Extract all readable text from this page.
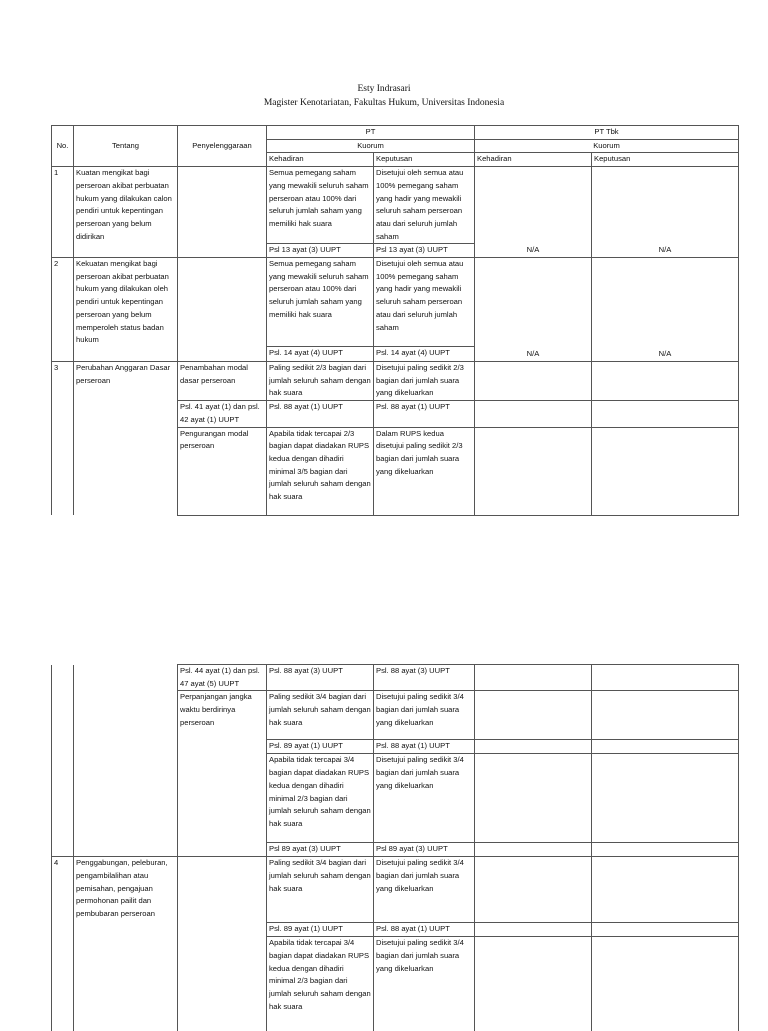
Esty Indrasari
Magister Kenotariatan, Fakultas Hukum, Universitas Indonesia
No.	Tentang	Penyelenggaraan	PT		PT Tbk	
			Kuorum		Kuorum	
			Kehadiran	Keputusan	Kehadiran	Keputusan
1	Kuatan mengikat bagi perseroan akibat perbuatan hukum yang dilakukan calon pendiri untuk kepentingan perseroan yang belum didirikan		Semua pemegang saham yang mewakili seluruh saham perseroan atau 100% dari seluruh jumlah saham yang memiliki hak suara	Disetujui oleh semua atau 100% pemegang saham yang hadir yang mewakili seluruh saham perseroan atau dari seluruh jumlah saham	N/A	N/A
			Psl 13 ayat (3) UUPT	Psl 13 ayat (3) UUPT		
2	Kekuatan mengikat bagi perseroan akibat perbuatan hukum yang dilakukan oleh pendiri untuk kepentingan perseroan yang belum memperoleh status badan hukum		Semua pemegang saham yang mewakili seluruh saham perseroan atau 100% dari seluruh jumlah saham yang memiliki hak suara	Disetujui oleh semua atau 100% pemegang saham yang hadir yang mewakili seluruh saham perseroan atau dari seluruh jumlah saham	N/A	N/A
			Psl. 14 ayat (4) UUPT	Psl. 14 ayat (4) UUPT		
3	Perubahan Anggaran Dasar perseroan	Penambahan modal dasar perseroan	Paling sedikit 2/3 bagian dari jumlah seluruh saham dengan hak suara	Disetujui paling sedikit 2/3 bagian dari jumlah suara yang dikeluarkan		
		Psl. 41 ayat (1) dan psl. 42 ayat (1) UUPT	Psl. 88 ayat (1) UUPT	Psl. 88 ayat (1) UUPT		
		Pengurangan modal perseroan	Apabila tidak tercapai 2/3 bagian dapat diadakan RUPS kedua dengan dihadiri minimal 3/5 bagian dari jumlah seluruh saham dengan hak suara	Dalam RUPS kedua disetujui paling sedikit 2/3 bagian dari jumlah suara yang dikeluarkan		
		Psl. 44 ayat (1) dan psl. 47 ayat (5) UUPT	Psl. 88 ayat (3) UUPT	Psl. 88 ayat (3) UUPT		
		Perpanjangan jangka waktu berdirinya perseroan	Paling sedikit 3/4 bagian dari jumlah seluruh saham dengan hak suara	Disetujui paling sedikit 3/4 bagian dari jumlah suara yang dikeluarkan		
			Psl. 89 ayat (1) UUPT	Psl. 88 ayat (1) UUPT		
			Apabila tidak tercapai 3/4 bagian dapat diadakan RUPS kedua dengan dihadiri minimal 2/3 bagian dari jumlah seluruh saham dengan hak suara	Disetujui paling sedikit 3/4 bagian dari jumlah suara yang dikeluarkan		
			Psl 89 ayat (3) UUPT	Psl 89 ayat (3) UUPT		
4	Penggabungan, peleburan, pengambilalihan atau pemisahan, pengajuan permohonan pailit dan pembubaran perseroan		Paling sedikit 3/4 bagian dari jumlah seluruh saham dengan hak suara	Disetujui paling sedikit 3/4 bagian dari jumlah suara yang dikeluarkan		
			Psl. 89 ayat (1) UUPT	Psl. 88 ayat (1) UUPT		
			Apabila tidak tercapai 3/4 bagian dapat diadakan RUPS kedua dengan dihadiri minimal 2/3 bagian dari jumlah seluruh saham dengan hak suara	Disetujui paling sedikit 3/4 bagian dari jumlah suara yang dikeluarkan		
